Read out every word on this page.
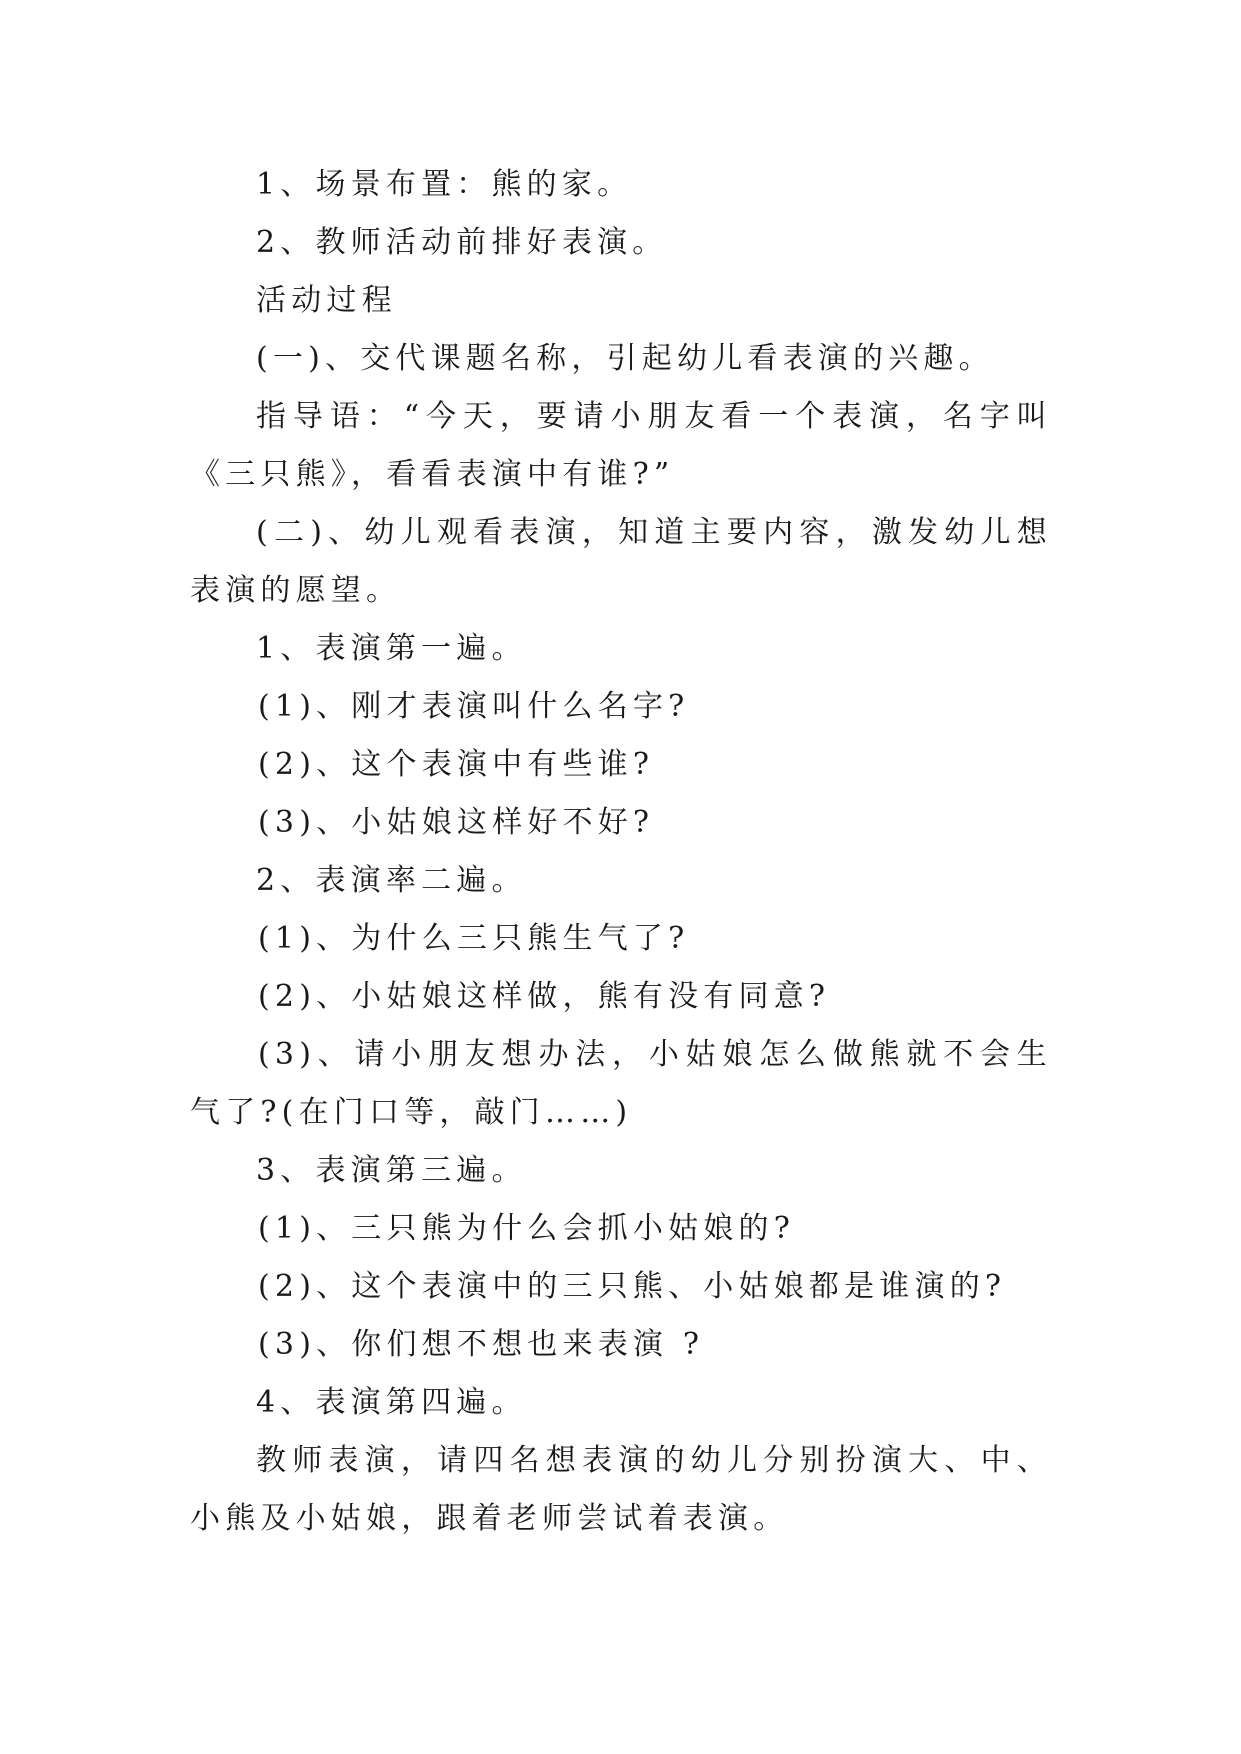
1、场景布置：熊的家。

2、教师活动前排好表演。

活动过程

(一)、交代课题名称，引起幼儿看表演的兴趣。

指导语：“今天，要请小朋友看一个表演，名字叫《三只熊》，看看表演中有谁?”

(二)、幼儿观看表演，知道主要内容，激发幼儿想表演的愿望。

1、表演第一遍。

(1)、刚才表演叫什么名字?

(2)、这个表演中有些谁?

(3)、小姑娘这样好不好?

2、表演率二遍。

(1)、为什么三只熊生气了?

(2)、小姑娘这样做，熊有没有同意?

(3)、请小朋友想办法，小姑娘怎么做熊就不会生气了?(在门口等，敲门……)

3、表演第三遍。

(1)、三只熊为什么会抓小姑娘的?

(2)、这个表演中的三只熊、小姑娘都是谁演的?

(3)、你们想不想也来表演 ?

4、表演第四遍。

教师表演，请四名想表演的幼儿分别扮演大、中、小熊及小姑娘，跟着老师尝试着表演。
